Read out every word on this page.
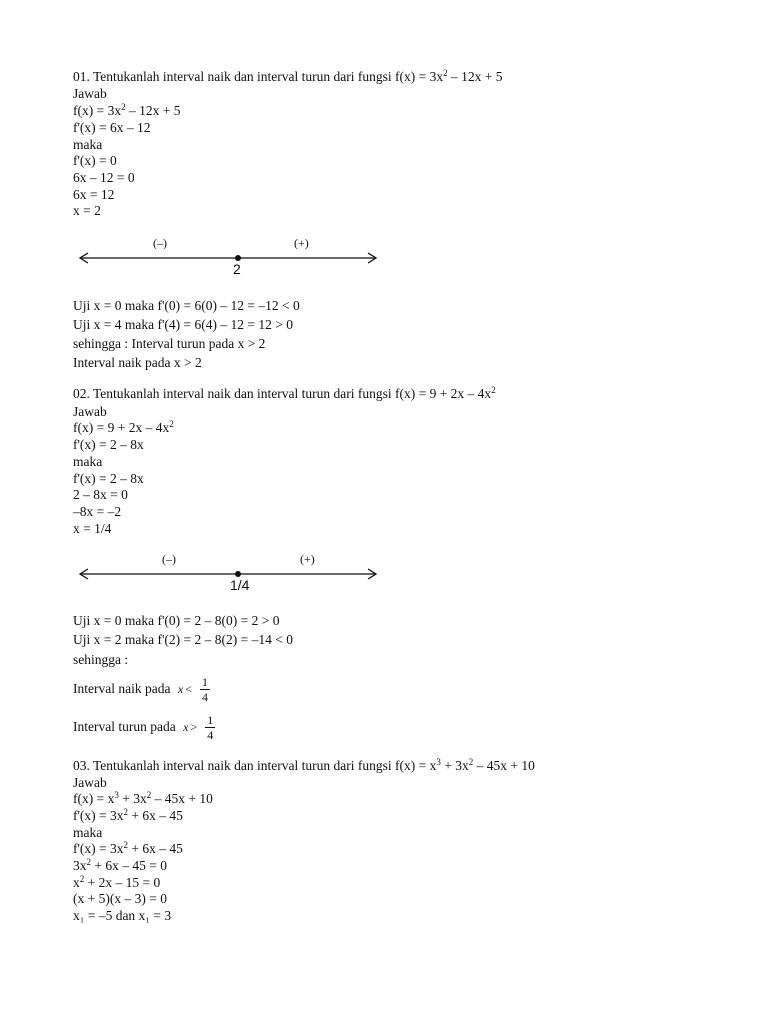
01. Tentukanlah interval naik dan interval turun dari fungsi $f(x) = 3x^2 - 12x + 5$
Jawab
$f(x) = 3x^2 - 12x + 5$
f'(x) = 6x – 12
maka
f'(x) = 0
6x – 12 = 0
6x = 12
x = 2
(–)	(+)
2
Uji x = 0 maka f'(0) = 6(0) – 12 = –12 < 0
Uji x = 4 maka f'(4) = 6(4) – 12 = 12 > 0
sehingga : Interval turun pada x > 2
Interval naik pada x > 2
02. Tentukanlah interval naik dan interval turun dari fungsi $f(x) = 9 + 2x - 4x^2$
Jawab
$f(x) = 9 + 2x - 4x^2$
f'(x) = 2 – 8x
maka
f'(x) = 2 – 8x
2 – 8x = 0
–8x = –2
x = 1/4
(–)	(+)
1/4
Uji x = 0 maka f'(0) = 2 – 8(0) = 2 > 0
Uji x = 2 maka f'(2) = 2 – 8(2) = –14 < 0
sehingga :
Interval naik pada $x < \frac{1}{4}$
Interval turun pada $x > \frac{1}{4}$
03. Tentukanlah interval naik dan interval turun dari fungsi $f(x) = x^3 + 3x^2 - 45x + 10$
Jawab
$f(x) = x^3 + 3x^2 - 45x + 10$
$f'(x) = 3x^2 + 6x - 45$
maka
$f'(x) = 3x^2 + 6x - 45$
$3x^2 + 6x - 45 = 0$
$x^2 + 2x - 15 = 0$
(x + 5)(x – 3) = 0
x₁ = –5 dan x₁ = 3
